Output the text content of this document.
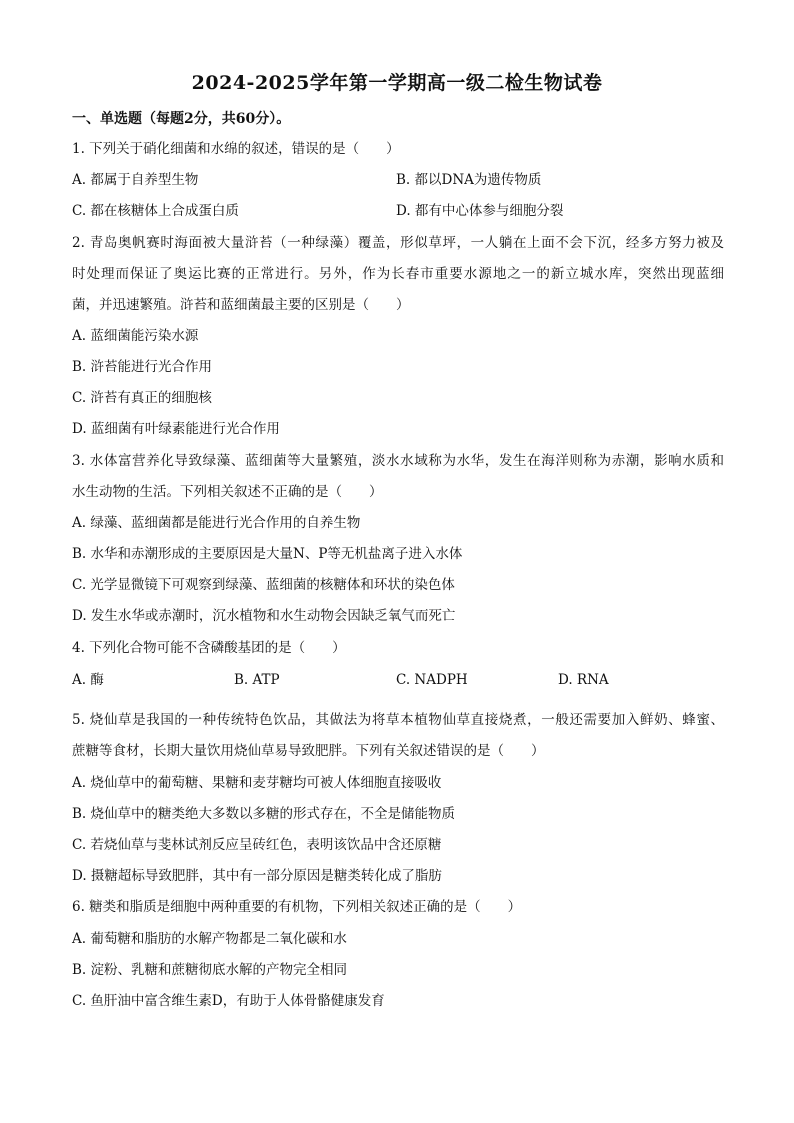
2024-2025学年第一学期高一级二检生物试卷
一、单选题（每题2分，共60分）。
1. 下列关于硝化细菌和水绵的叙述，错误的是（　　）
A. 都属于自养型生物	B. 都以DNA为遗传物质
C. 都在核糖体上合成蛋白质	D. 都有中心体参与细胞分裂
2. 青岛奥帆赛时海面被大量浒苔（一种绿藻）覆盖，形似草坪，一人躺在上面不会下沉，经多方努力被及
时处理而保证了奥运比赛的正常进行。另外，作为长春市重要水源地之一的新立城水库，突然出现蓝细
菌，并迅速繁殖。浒苔和蓝细菌最主要的区别是（　　）
A. 蓝细菌能污染水源
B. 浒苔能进行光合作用
C. 浒苔有真正的细胞核
D. 蓝细菌有叶绿素能进行光合作用
3. 水体富营养化导致绿藻、蓝细菌等大量繁殖，淡水水域称为水华，发生在海洋则称为赤潮，影响水质和
水生动物的生活。下列相关叙述不正确的是（　　）
A. 绿藻、蓝细菌都是能进行光合作用的自养生物
B. 水华和赤潮形成的主要原因是大量N、P等无机盐离子进入水体
C. 光学显微镜下可观察到绿藻、蓝细菌的核糖体和环状的染色体
D. 发生水华或赤潮时，沉水植物和水生动物会因缺乏氧气而死亡
4. 下列化合物可能不含磷酸基团的是（　　）
A. 酶	B. ATP	C. NADPH	D. RNA
5. 烧仙草是我国的一种传统特色饮品，其做法为将草本植物仙草直接烧煮，一般还需要加入鲜奶、蜂蜜、
蔗糖等食材，长期大量饮用烧仙草易导致肥胖。下列有关叙述错误的是（　　）
A. 烧仙草中的葡萄糖、果糖和麦芽糖均可被人体细胞直接吸收
B. 烧仙草中的糖类绝大多数以多糖的形式存在，不全是储能物质
C. 若烧仙草与斐林试剂反应呈砖红色，表明该饮品中含还原糖
D. 摄糖超标导致肥胖，其中有一部分原因是糖类转化成了脂肪
6. 糖类和脂质是细胞中两种重要的有机物，下列相关叙述正确的是（　　）
A. 葡萄糖和脂肪的水解产物都是二氧化碳和水
B. 淀粉、乳糖和蔗糖彻底水解的产物完全相同
C. 鱼肝油中富含维生素D，有助于人体骨骼健康发育
